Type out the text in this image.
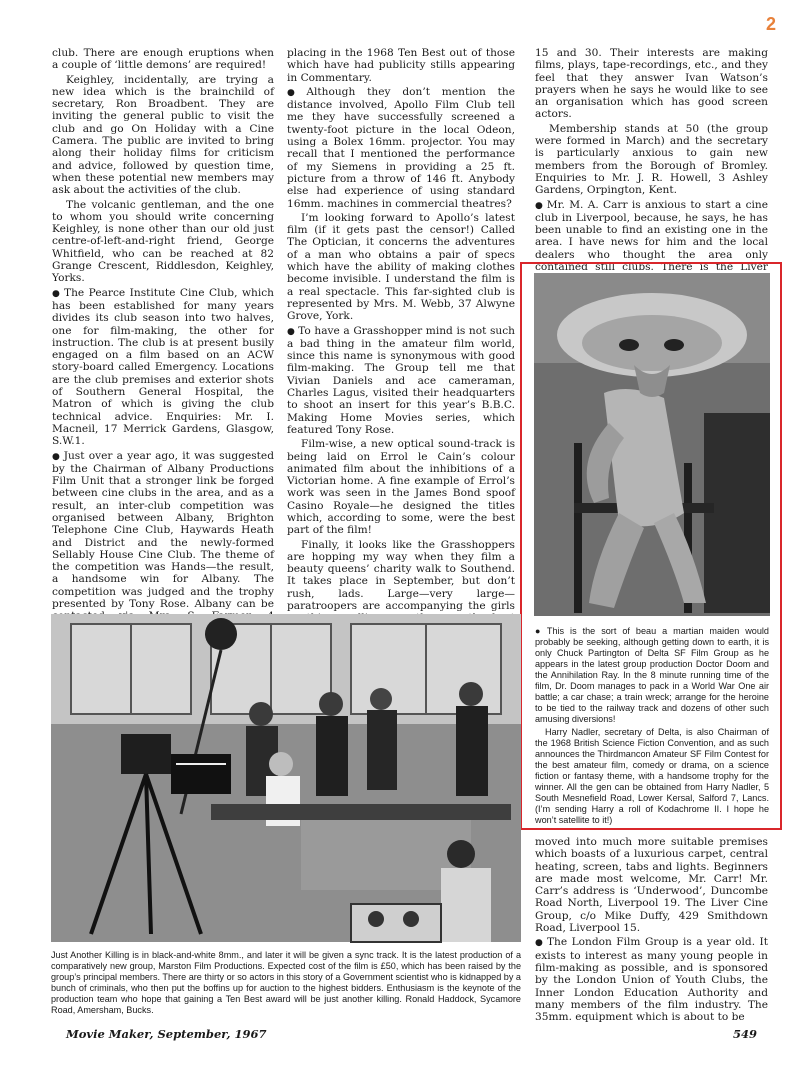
2

club. There are enough eruptions when a couple of ‘little demons’ are required!

Keighley, incidentally, are trying a new idea which is the brainchild of secretary, Ron Broadbent. They are inviting the general public to visit the club and go On Holiday with a Cine Camera. The public are invited to bring along their holiday films for criticism and advice, followed by question time, when these potential new members may ask about the activities of the club.

The volcanic gentleman, and the one to whom you should write concerning Keighley, is none other than our old just centre-of-left-and-right friend, George Whitfield, who can be reached at 82 Grange Crescent, Riddlesdon, Keighley, Yorks.

● The Pearce Institute Cine Club, which has been established for many years divides its club season into two halves, one for film-making, the other for instruction. The club is at present busily engaged on a film based on an ACW story-board called Emergency. Locations are the club premises and exterior shots of Southern General Hospital, the Matron of which is giving the club technical advice. Enquiries: Mr. I. Macneil, 17 Merrick Gardens, Glasgow, S.W.1.

● Just over a year ago, it was suggested by the Chairman of Albany Productions Film Unit that a stronger link be forged between cine clubs in the area, and as a result, an inter-club competition was organised between Albany, Brighton Telephone Cine Club, Haywards Heath and District and the newly-formed Sellably House Cine Club. The theme of the competition was Hands—the result, a handsome win for Albany. The competition was judged and the trophy presented by Tony Rose. Albany can be

●

placing in the 1968 Ten Best out of those which have had publicity stills appearing in Commentary.

● Although they don’t mention the distance involved, Apollo Film Club tell me they have successfully screened a twenty-foot picture in the local Odeon, using a Bolex 16mm. projector. You may recall that I mentioned the performance of my Siemens in providing a 25 ft. picture from a throw of 146 ft. Anybody else had experience of using standard 16mm. machines in commercial theatres?

I’m looking forward to Apollo’s latest film (if it gets past the censor!) Called The Optician, it concerns the adventures of a man who obtains a pair of specs which have the ability of making clothes become invisible. I understand the film is a real spectacle. This far-sighted club is represented by Mrs. M. Webb, 37 Alwyne Grove, York.

● To have a Grasshopper mind is not such a bad thing in the amateur film world, since this name is synonymous with good film-making. The Group tell me that Vivian Daniels and ace cameraman, Charles Lagus, visited their headquarters to shoot an insert for this year’s B.B.C. Making Home Movies series, which featured Tony Rose.

Film-wise, a new optical sound-track is being laid on Errol le Cain’s colour animated film about the inhibitions of a Victorian home. A fine example of Errol’s work was seen in the James Bond spoof Casino Royale—he designed the titles which, according to some, were the best part of the film!

Finally, it looks like the Grasshoppers are hopping my way when they film a beauty queens’ charity walk to Southend. It takes place in September, but don’t rush, lads. Large—very large—paratroopers are accompanying the girls

●

15 and 30. Their interests are making films, plays, tape-recordings, etc., and they feel that they answer Ivan Watson’s prayers when he says he would like to see an organisation which has good screen actors.

Membership stands at 50 (the group were formed in March) and the secretary is particularly anxious to gain new members from the Borough of Bromley. Enquiries to Mr. J. R. Howell, 3 Ashley Gardens, Orpington, Kent.

● Mr. M. A. Carr is anxious to start a cine club in Liverpool, because, he says, he has been unable to find an existing one in the area. I have news for him and the local dealers who thought the area only contained still clubs. There is the Liver

● This is the sort of beau a martian maiden would probably be seeking, although getting down to earth, it is only Chuck Partington of Delta SF Film Group as he appears in the latest group production Doctor Doom and the Annihilation Ray. In the 8 minute running time of the film, Dr. Doom manages to pack in a World War One air battle; a car chase; a train wreck; arrange for the heroine to be tied to the railway track and dozens of other such amusing diversions!

Harry Nadler, secretary of Delta, is also Chairman of the 1968 British Science Fiction Convention, and as such announces the Thirdmancon Amateur SF Film Contest for the best amateur film, comedy or drama, on a science fiction or fantasy theme, with a handsome trophy for the winner. All the gen can be obtained from Harry Nadler, 5 South Mesnefield Road, Lower Kersal, Salford 7, Lancs. (I’m sending Harry a roll of Kodachrome II. I hope he won’t satellite to it!)

Just Another Killing is in black-and-white 8mm., and later it will be given a sync track. It is the latest production of a comparatively new group, Marston Film Productions. Expected cost of the film is £50, which has been raised by the group’s principal members. There are thirty or so actors in this story of a Government scientist who is kidnapped by a bunch of criminals, who then put the boffins up for auction to the highest bidders. Enthusiasm is the keynote of the production team who hope that gaining a Ten Best award will be just another killing. Ronald Haddock, Sycamore Road, Amersham, Bucks.

moved into much more suitable premises which boasts of a luxurious carpet, central heating, screen, tabs and lights. Beginners are made most welcome, Mr. Carr! Mr. Carr’s address is ‘Underwood’, Duncombe Road North, Liverpool 19. The Liver Cine Group, c/o Mike Duffy, 429 Smithdown Road, Liverpool 15.

● The London Film Group is a year old. It exists to interest as many young people in film-making as possible, and is sponsored by the London Union of Youth Clubs, the Inner London Education Authority and many members of the film industry. The 35mm. equipment which is about to be

Movie Maker, September, 1967	549
